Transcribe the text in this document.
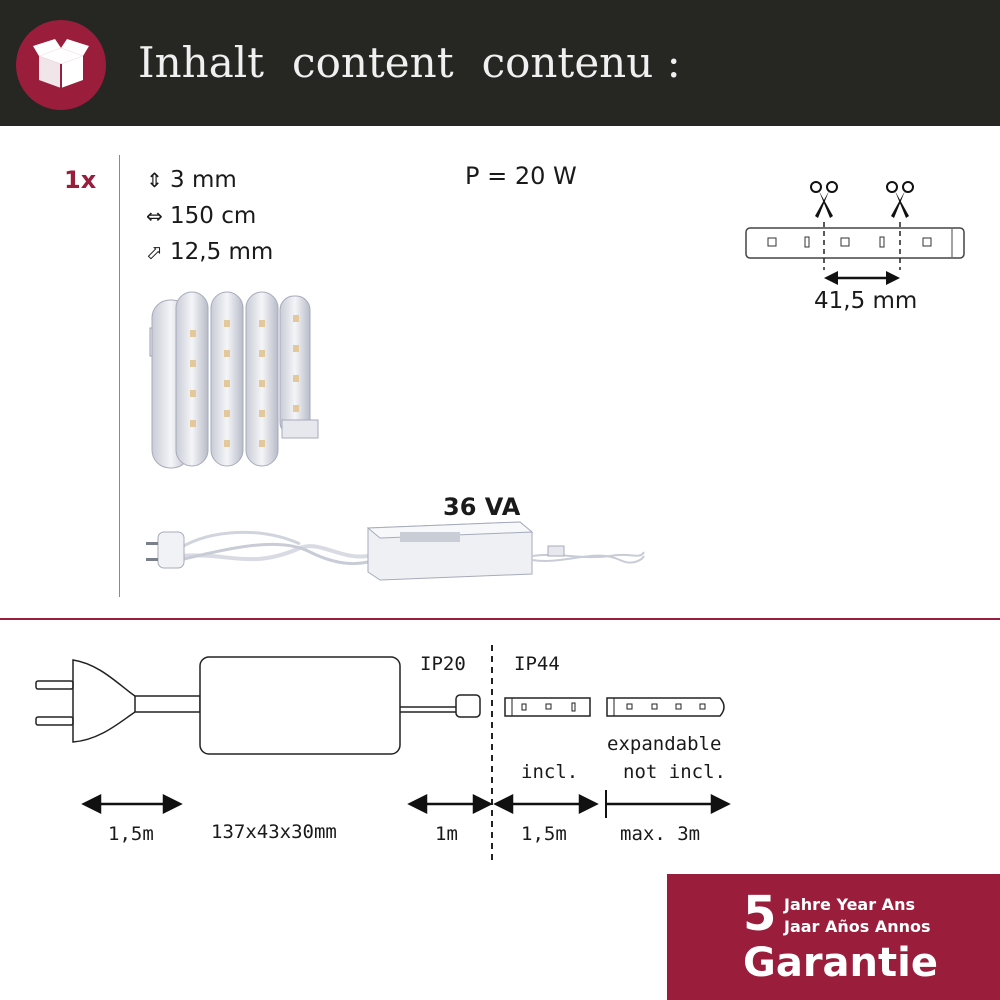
Inhalt content contenu :
1x ⇕ 3 mm
⇔ 150 cm
⬀ 12,5 mm
P = 20 W
36 VA
41,5 mm
IP20	IP44
expandable
not incl.
incl.
1,5m	137x43x30mm	1m	1,5m	max. 3m
5 Jahre Year Ans
Jaar Años Annos
Garantie
